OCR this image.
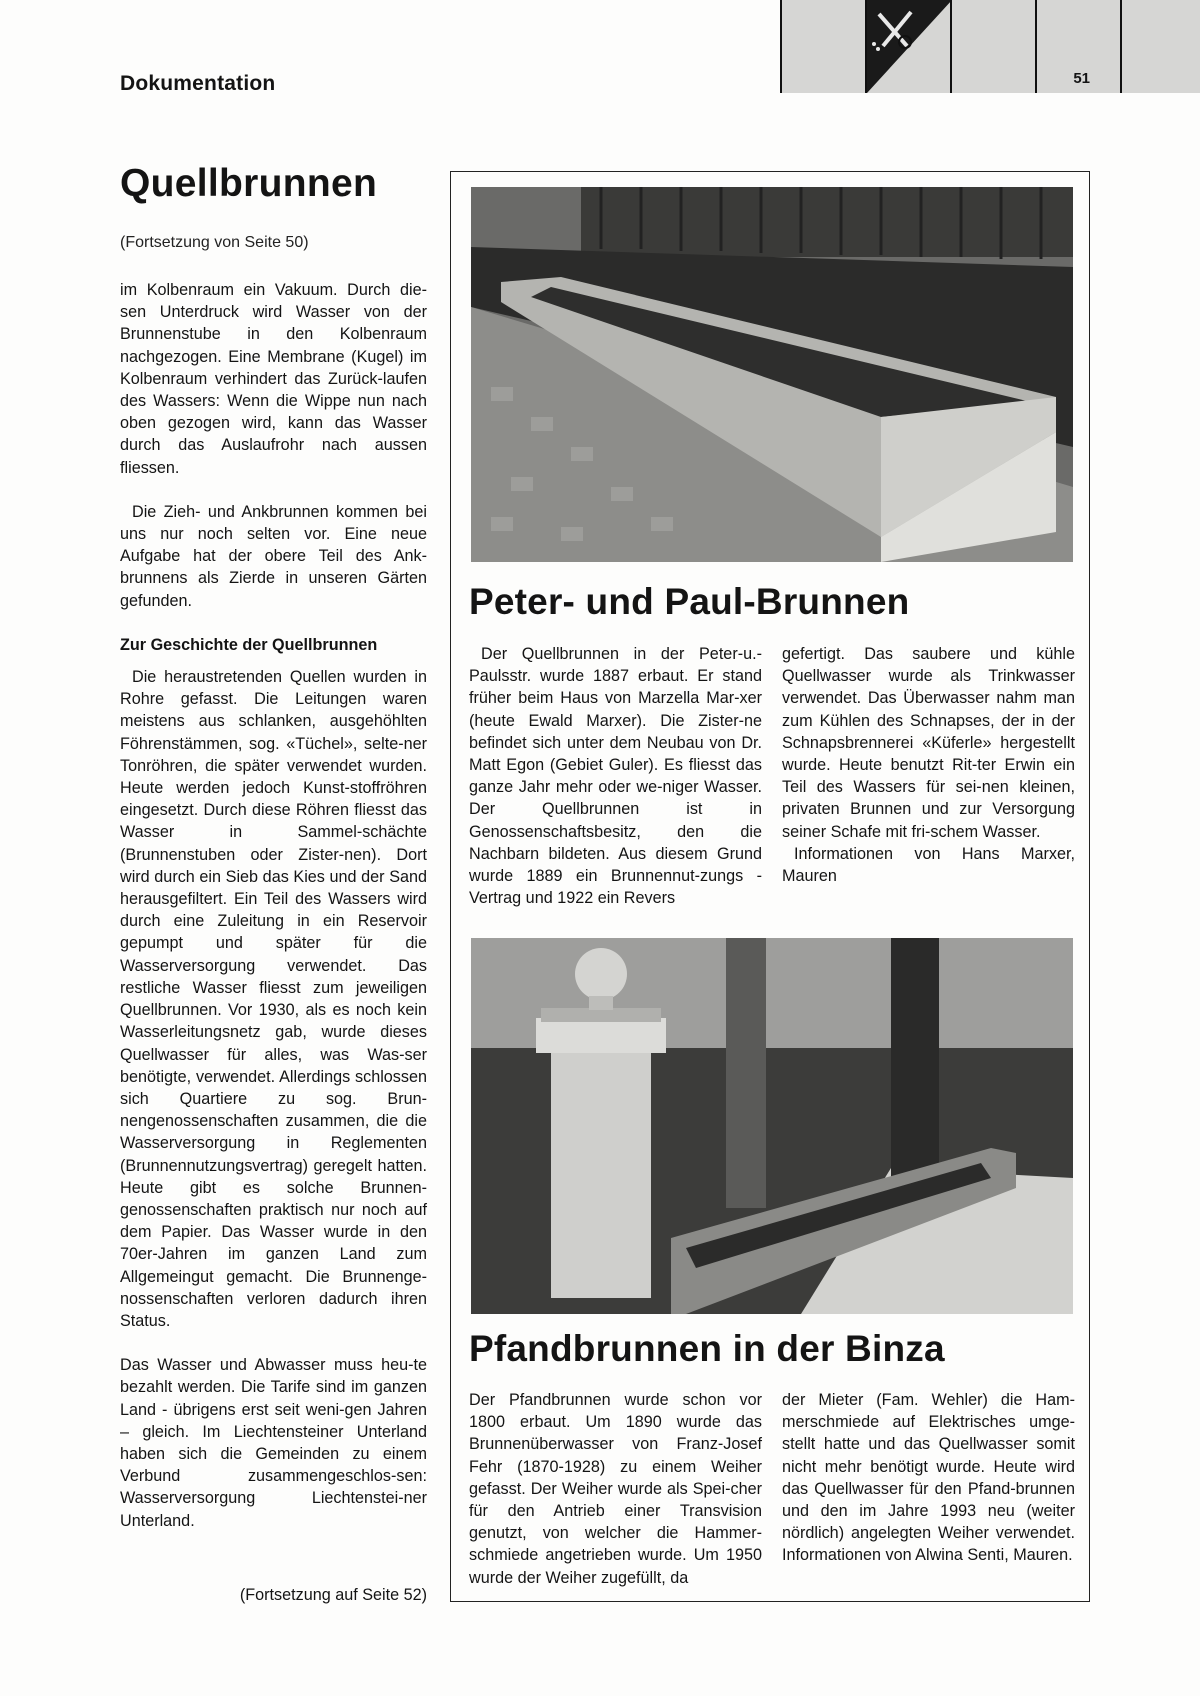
Dokumentation	51
Quellbrunnen
(Fortsetzung von Seite 50)

im Kolbenraum ein Vakuum. Durch die-sen Unterdruck wird Wasser von der Brunnenstube in den Kolbenraum nachgezogen. Eine Membrane (Kugel) im Kolbenraum verhindert das Zurück-laufen des Wassers: Wenn die Wippe nun nach oben gezogen wird, kann das Wasser durch das Auslaufrohr nach aussen fliessen.

Die Zieh- und Ankbrunnen kommen bei uns nur noch selten vor. Eine neue Aufgabe hat der obere Teil des Ank-brunnens als Zierde in unseren Gärten gefunden.

Zur Geschichte der Quellbrunnen

Die heraustretenden Quellen wurden in Rohre gefasst. Die Leitungen waren meistens aus schlanken, ausgehöhlten Föhrenstämmen, sog. «Tüchel», selte-ner Tonröhren, die später verwendet wurden. Heute werden jedoch Kunst-stoffröhren eingesetzt. Durch diese Röhren fliesst das Wasser in Sammel-schächte (Brunnenstuben oder Zister-nen). Dort wird durch ein Sieb das Kies und der Sand herausgefiltert. Ein Teil des Wassers wird durch eine Zuleitung in ein Reservoir gepumpt und später für die Wasserversorgung verwendet. Das restliche Wasser fliesst zum jeweiligen Quellbrunnen. Vor 1930, als es noch kein Wasserleitungsnetz gab, wurde dieses Quellwasser für alles, was Was-ser benötigte, verwendet. Allerdings schlossen sich Quartiere zu sog. Brun-nengenossenschaften zusammen, die die Wasserversorgung in Reglementen (Brunnennutzungsvertrag) geregelt hatten. Heute gibt es solche Brunnen-genossenschaften praktisch nur noch auf dem Papier. Das Wasser wurde in den 70er-Jahren im ganzen Land zum Allgemeingut gemacht. Die Brunnenge-nossenschaften verloren dadurch ihren Status.

Das Wasser und Abwasser muss heu-te bezahlt werden. Die Tarife sind im ganzen Land - übrigens erst seit weni-gen Jahren – gleich. Im Liechtensteiner Unterland haben sich die Gemeinden zu einem Verbund zusammengeschlos-sen: Wasserversorgung Liechtenstei-ner Unterland.

(Fortsetzung auf Seite 52)
Peter- und Paul-Brunnen

Der Quellbrunnen in der Peter-u.-Paulsstr. wurde 1887 erbaut. Er stand früher beim Haus von Marzella Mar-xer (heute Ewald Marxer). Die Zister-ne befindet sich unter dem Neubau von Dr. Matt Egon (Gebiet Guler). Es fliesst das ganze Jahr mehr oder we-niger Wasser. Der Quellbrunnen ist in Genossenschaftsbesitz, den die Nachbarn bildeten. Aus diesem Grund wurde 1889 ein Brunnennut-zungs - Vertrag und 1922 ein Revers

gefertigt. Das saubere und kühle Quellwasser wurde als Trinkwasser verwendet. Das Überwasser nahm man zum Kühlen des Schnapses, der in der Schnapsbrennerei «Küferle» hergestellt wurde. Heute benutzt Rit-ter Erwin ein Teil des Wassers für sei-nen kleinen, privaten Brunnen und zur Versorgung seiner Schafe mit fri-schem Wasser.

Informationen von Hans Marxer, Mauren

Pfandbrunnen in der Binza

Der Pfandbrunnen wurde schon vor 1800 erbaut. Um 1890 wurde das Brunnenüberwasser von Franz-Josef Fehr (1870-1928) zu einem Weiher gefasst. Der Weiher wurde als Spei-cher für den Antrieb einer Transvision genutzt, von welcher die Hammer-schmiede angetrieben wurde. Um 1950 wurde der Weiher zugefüllt, da

der Mieter (Fam. Wehler) die Ham-merschmiede auf Elektrisches umge-stellt hatte und das Quellwasser somit nicht mehr benötigt wurde. Heute wird das Quellwasser für den Pfand-brunnen und den im Jahre 1993 neu (weiter nördlich) angelegten Weiher verwendet. Informationen von Alwina Senti, Mauren.
